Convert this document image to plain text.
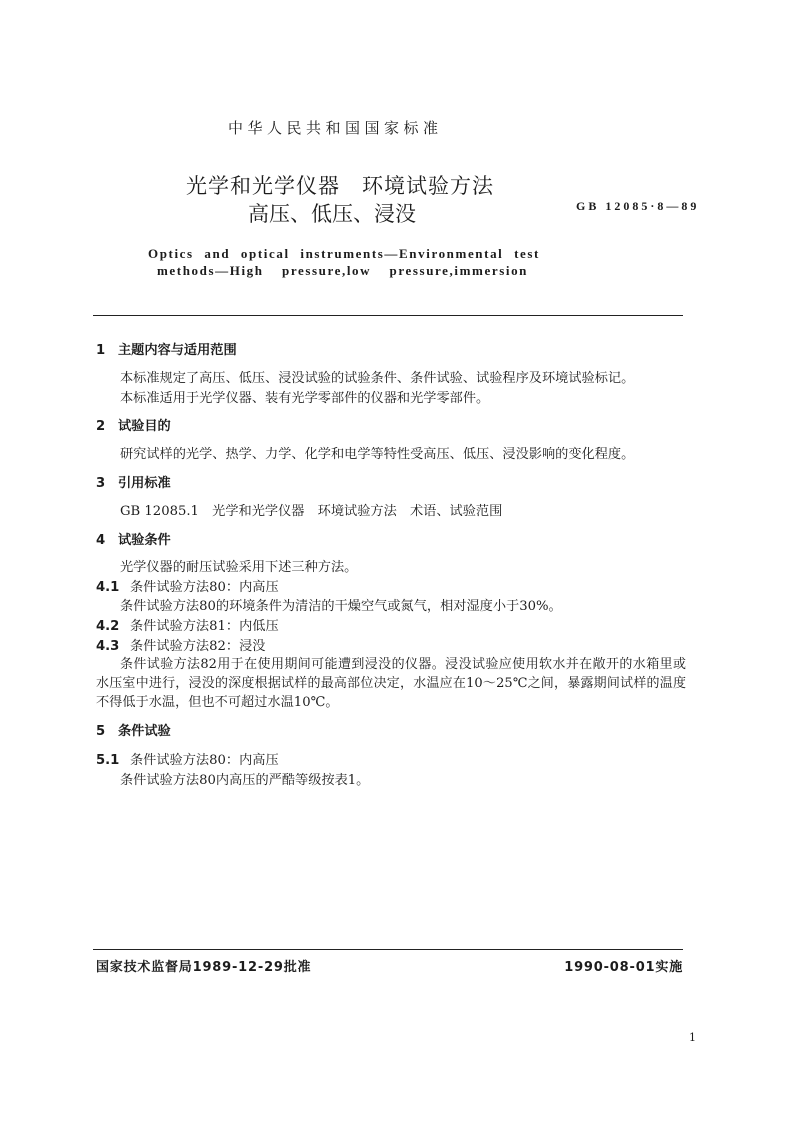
中华人民共和国国家标准
光学和光学仪器　环境试验方法
高压、低压、浸没	GB 12085·8—89
Optics and optical instruments—Environmental test
methods—High pressure,low pressure,immersion
1 主题内容与适用范围
本标准规定了高压、低压、浸没试验的试验条件、条件试验、试验程序及环境试验标记。
本标准适用于光学仪器、装有光学零部件的仪器和光学零部件。
2 试验目的
研究试样的光学、热学、力学、化学和电学等特性受高压、低压、浸没影响的变化程度。
3 引用标准
GB 12085.1　光学和光学仪器　环境试验方法　术语、试验范围
4 试验条件
光学仪器的耐压试验采用下述三种方法。
4.1 条件试验方法80：内高压
条件试验方法80的环境条件为清洁的干燥空气或氮气，相对湿度小于30%。
4.2 条件试验方法81：内低压
4.3 条件试验方法82：浸没
条件试验方法82用于在使用期间可能遭到浸没的仪器。浸没试验应使用软水并在敞开的水箱里或
水压室中进行，浸没的深度根据试样的最高部位决定，水温应在10～25℃之间，暴露期间试样的温度
不得低于水温，但也不可超过水温10℃。
5 条件试验
5.1 条件试验方法80：内高压
条件试验方法80内高压的严酷等级按表1。
国家技术监督局1989-12-29批准	1990-08-01实施
1
